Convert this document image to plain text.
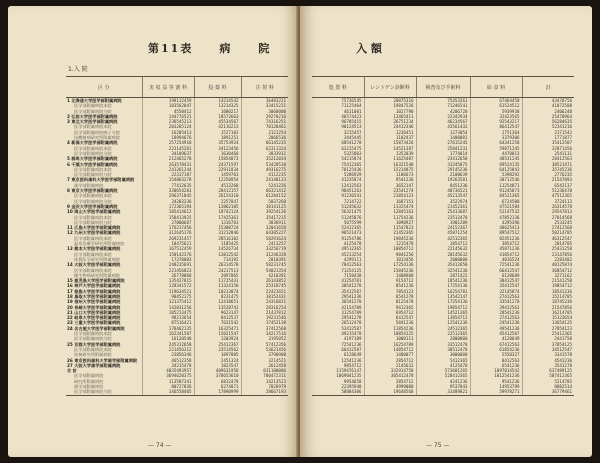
第11表 病 院
1.入 院
区 分	実 収 益 等 割 料	投 薬 料	注 射 料
1 北海道大学医学部附属病院	198112459	14214542	36483221
医学部附属病院本院	183562047	13214325	33415221
医学部附属病院分院	4550412	1000217	3068000
2 弘前大学医学部附属病院	144776521	18572663	29270216
3 東北大学医学部附属病院	238545213	45534567	74316251
医学部附属病院本院	203265124	42116213	70128461
医学部附属病院鳴子分院	16285413	1527103	2121254
抗酸菌病研究所附属病院	18994676	1891251	2066536
4 新潟大学医学部附属病院	257254918	35753924	66145235
医学部附属病院本院	223145281	34123456	62311324
医学部附属病院分院	34109637	1630468	3833911
5 群馬大学医学部附属病院	212465278	15854873	35212034
6 千葉大学医学部附属病院	263578431	24371597	53428510
医学部附属病院本院	241261244	22911834	49316275
医学部附属病院分院	22317187	1459763	4112235
7 東京医科歯科大学医学部附属病院	154863278	12250954	24148123
歯学部附属病院	77412635	4513268	5241226
8 東京大学医学部附属病院	330654281	28412157	66321412
医学部附属病院本院	296371045	26154310	61284152
医学部附属病院分院	34283236	2257847	5037260
9 金沢大学医学部附属病院	172365194	13862105	38141125
10 岡山大学医学部附属病院	185414612	18742124	39254126
医学部附属病院本院	158413925	17425361	35417215
医学部附属病院分院	27000687	1316763	3836911
11 広島大学医学部附属病院	176217456	15308724	32041658
12 九州大学医学部附属病院	312645176	31212846	64385227
医学部附属病院本院	269231457	28516102	58291624
温泉治療学研究所附属病院	18475621	1185425	2413257
13 熊本大学医学部附属病院	167512459	14526734	33256719
医学部附属病院本院	150142376	13812542	31246328
体質医学研究所附属病院	17370083	714192	2010391
14 大阪大学医学部附属病院	248235691	26314578	58231745
医学部附属病院本院	221456823	24217513	54021354
微生物病研究所附属病院	26778868	2097065	4210391
15 鹿児島大学医学部附属病院	135427815	11725431	26143852
16 神戸大学医学部附属病院	128341572	11324158	25318745
17 徳島大学医学部附属病院	119634521	10213874	22421651
18 鳥取大学医学部附属病院	98452175	8231475	18152431
19 信州大学医学部附属病院	121375412	12418651	24316821
20 長崎大学医学部附属病院	142831256	13528741	28316254
21 山口大学医学部附属病院	105213475	9623147	21437812
22 岐阜大学医学部附属病院	98213654	8412537	19231546
23 三重大学医学部附属病院	87516421	7631542	17452138
24 名古屋大学医学部附属病院	178462135	16325471	37412568
医学部附属病院本院	162341587	15021547	34217516
医学部附属病院分院	16120548	1303924	3195052
25 京都大学医学部附属病院	245312658	25412367	57412356
医学部附属病院本院	221456312	23514562	53621456
結核研究所附属病院	23856346	1897805	3790900
26 東京医科歯科大学歯学部附属病院	46512358	2451324	3214521
27 大阪大学歯学部附属病院	34215478	1823547	2612458
合 計	4035493957	409631958	831180006
医学部附属病院	3694620375	378653610	780472311
研究所附属病院	113587341	6812478	14213523
歯学部附属病院	80727836	6274871	7826979
医学部附属病院分院	146558405	17890999	28667193
— 74 —
入 額
処 置 料	レントゲン診断料	検査及び手術料	給 食 料	計
75736545	20875316	75453261	67464450	43478756
71125464	19847526	71246541	61524512	41072508
4611081	1027790	4206720	5939938	2406248
46574423	12465411	22342934	32423565	25470964
96785415	26751234	46234567	92543217	56284635
90124513	24412346	43561432	86412547	52341216
3215457	1236451	1273054	2751364	2171542
3445445	1102437	1400081	3379306	1771877
68541278	15873426	27615245	64341258	35412587
63215475	14521387	25841231	59871245	32871456
5325803	1352039	1774014	4470013	2541131
54215874	11625487	23412658	48531245	28412563
75412365	16321548	31245875	69524135	38521471
70125436	15214875	29145236	64125843	35745236
5286929	1106673	2100639	5398292	2776235
41235874	9541236	19263581	38712546	21547893
12412563	3652147	8451236	11254871	6542137
98451263	23541274	48736521	91245873	51236478
91236541	21854123	45213547	84521365	47512365
7214722	1687151	3522974	6724508	3724113
51245632	11325474	21452361	47521584	26314578
56321475	12845163	25413687	52147532	29547813
51245876	11754236	23512478	47852136	27014568
5075599	1090927	1901209	4295396	2533245
52412365	11547823	24152367	48625413	27412568
98521473	21452365	45871254	89547512	50214785
91254786	19845236	42512365	82451236	46312547
4125478	1215478	1854712	3854712	2014785
49512365	10854712	22145632	45871236	25431258
45213254	9841256	20145632	41854712	23147856
4299111	1013456	2000000	4016524	2283402
78412563	17254136	35412658	72541236	40125874
71254125	15845236	32541236	66412547	36854712
7158438	1408900	2871422	6128689	3271162
41254781	9154712	18541236	38412547	21541258
38541278	8541236	17254136	35412547	19854712
35412587	7854123	16254781	32145874	18541236
29541236	6541278	13542147	27412563	15214785
36541278	8125478	17254136	33541278	18745236
42154789	9412365	19854712	39412563	21547856
31254789	6954712	14521365	28541236	16214785
29541278	6412547	13854712	27412563	15123654
26512478	5841236	12541236	24541236	13654125
53412587	11854236	24512365	49541236	27854123
49215478	10854125	22512365	45412587	25412365
4197109	1000111	2000000	4128649	2441758
72541236	16254789	33512478	67412563	37854125
66412587	14854712	30512478	61854236	34512547
6128649	1400077	3000000	5558327	3341578
12541236	2854712	5412365	8412563	4541236
9854712	2145632	4125478	6541236	3541278
1159476147	332914758	573681265	1097014542	637489125
1069041235	305412478	528412365	1012541236	587412365
9954658	2854712	4241236	9541236	5214785
22395948	4999000	9537843	14953799	8082514
58084306	19648568	31489821	59978271	36779461
— 75 —
